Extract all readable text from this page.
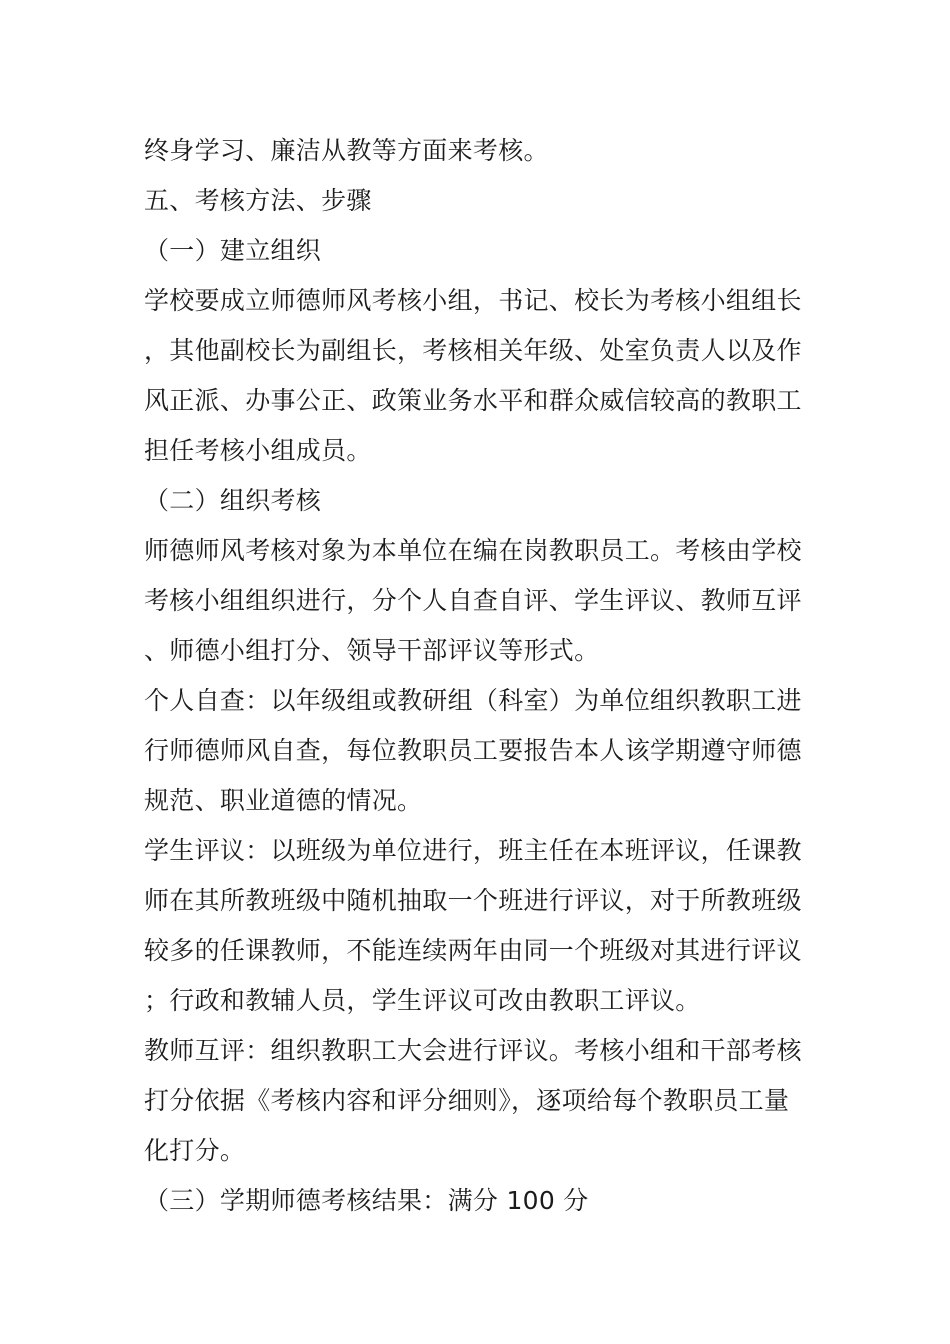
终身学习、廉洁从教等方面来考核。

五、考核方法、步骤

（一）建立组织

学校要成立师德师风考核小组，书记、校长为考核小组组长，其他副校长为副组长，考核相关年级、处室负责人以及作风正派、办事公正、政策业务水平和群众威信较高的教职工担任考核小组成员。

（二）组织考核

师德师风考核对象为本单位在编在岗教职员工。考核由学校考核小组组织进行，分个人自查自评、学生评议、教师互评、师德小组打分、领导干部评议等形式。

个人自查：以年级组或教研组（科室）为单位组织教职工进行师德师风自查，每位教职员工要报告本人该学期遵守师德规范、职业道德的情况。

学生评议：以班级为单位进行，班主任在本班评议，任课教师在其所教班级中随机抽取一个班进行评议，对于所教班级较多的任课教师，不能连续两年由同一个班级对其进行评议；行政和教辅人员，学生评议可改由教职工评议。

教师互评：组织教职工大会进行评议。考核小组和干部考核打分依据《考核内容和评分细则》，逐项给每个教职员工量化打分。

（三）学期师德考核结果：满分 100 分
